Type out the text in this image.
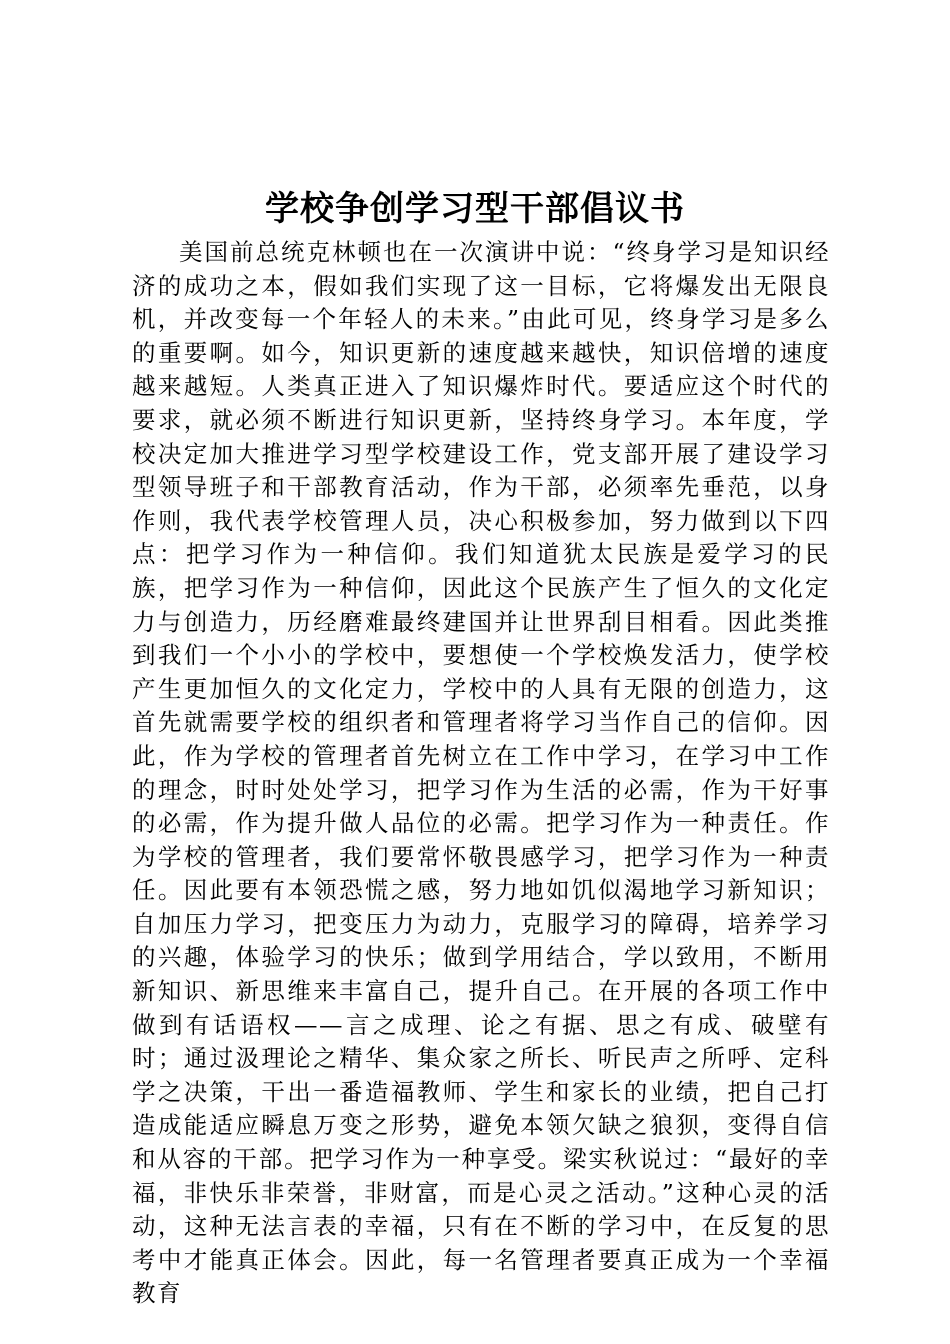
学校争创学习型干部倡议书

美国前总统克林顿也在一次演讲中说：“终身学习是知识经济的成功之本，假如我们实现了这一目标，它将爆发出无限良机，并改变每一个年轻人的未来。”由此可见，终身学习是多么的重要啊。如今，知识更新的速度越来越快，知识倍增的速度越来越短。人类真正进入了知识爆炸时代。要适应这个时代的要求，就必须不断进行知识更新，坚持终身学习。本年度，学校决定加大推进学习型学校建设工作，党支部开展了建设学习型领导班子和干部教育活动，作为干部，必须率先垂范，以身作则，我代表学校管理人员，决心积极参加，努力做到以下四点：把学习作为一种信仰。我们知道犹太民族是爱学习的民族，把学习作为一种信仰，因此这个民族产生了恒久的文化定力与创造力，历经磨难最终建国并让世界刮目相看。因此类推到我们一个小小的学校中，要想使一个学校焕发活力，使学校产生更加恒久的文化定力，学校中的人具有无限的创造力，这首先就需要学校的组织者和管理者将学习当作自己的信仰。因此，作为学校的管理者首先树立在工作中学习，在学习中工作的理念，时时处处学习，把学习作为生活的必需，作为干好事的必需，作为提升做人品位的必需。把学习作为一种责任。作为学校的管理者，我们要常怀敬畏感学习，把学习作为一种责任。因此要有本领恐慌之感，努力地如饥似渴地学习新知识；自加压力学习，把变压力为动力，克服学习的障碍，培养学习的兴趣，体验学习的快乐；做到学用结合，学以致用，不断用新知识、新思维来丰富自己，提升自己。在开展的各项工作中做到有话语权——言之成理、论之有据、思之有成、破壁有时；通过汲理论之精华、集众家之所长、听民声之所呼、定科学之决策，干出一番造福教师、学生和家长的业绩，把自己打造成能适应瞬息万变之形势，避免本领欠缺之狼狈，变得自信和从容的干部。把学习作为一种享受。梁实秋说过：“最好的幸福，非快乐非荣誉，非财富，而是心灵之活动。”这种心灵的活动，这种无法言表的幸福，只有在不断的学习中，在反复的思考中才能真正体会。因此，每一名管理者要真正成为一个幸福教育
